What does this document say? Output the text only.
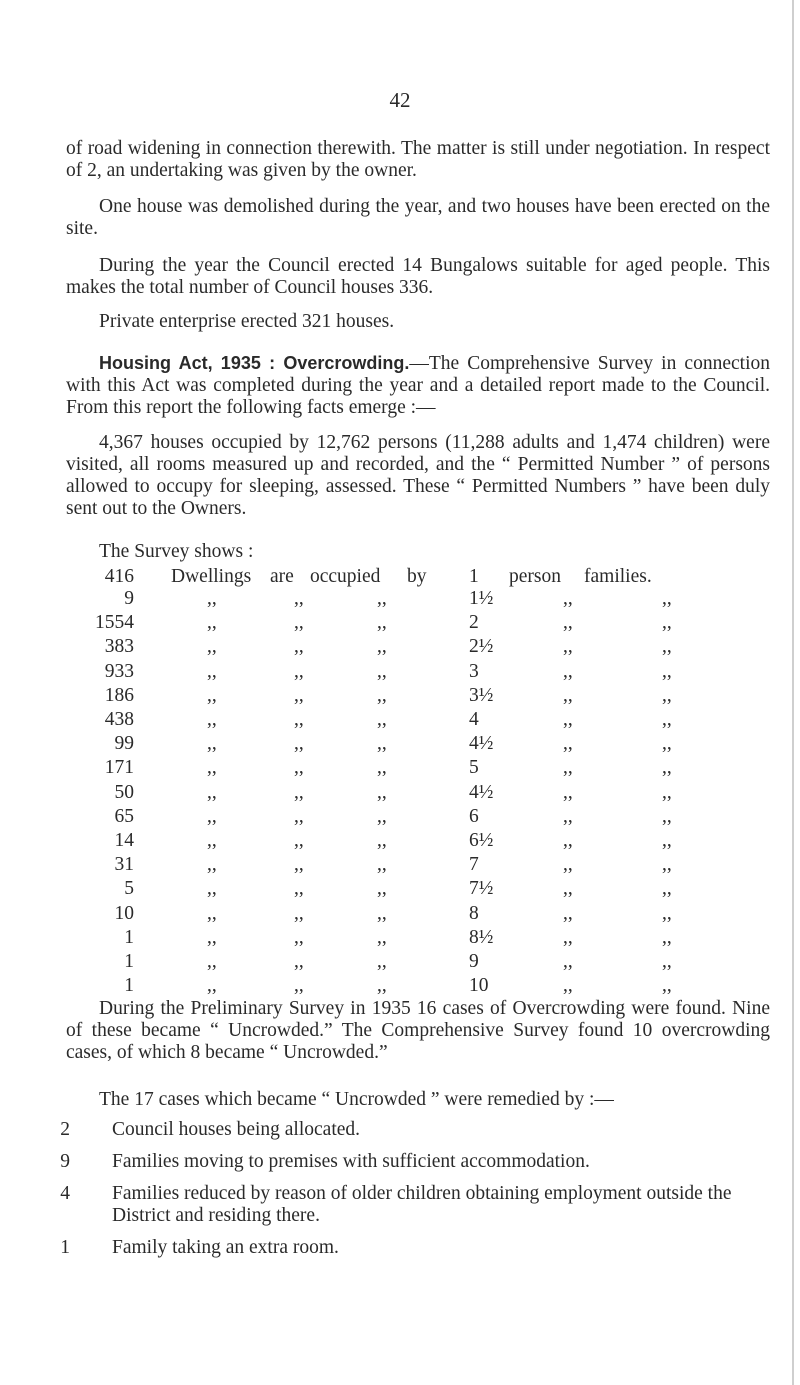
42

of road widening in connection therewith. The matter is still under negotiation. In respect of 2, an undertaking was given by the owner.

One house was demolished during the year, and two houses have been erected on the site.

During the year the Council erected 14 Bungalows suitable for aged people. This makes the total number of Council houses 336.

Private enterprise erected 321 houses.

Housing Act, 1935 : Overcrowding.—The Comprehensive Survey in connection with this Act was completed during the year and a detailed report made to the Council. From this report the following facts emerge :—

4,367 houses occupied by 12,762 persons (11,288 adults and 1,474 children) were visited, all rooms measured up and recorded, and the “ Permitted Number ” of persons allowed to occupy for sleeping, assessed. These “ Permitted Numbers ” have been duly sent out to the Owners.

The Survey shows :
416 Dwellings are occupied by 1 person families.
9	,,	,,	,,	1½	,,	,,
1554	,,	,,	,,	2	,,	,,
383	,,	,,	,,	2½	,,	,,
933	,,	,,	,,	3	,,	,,
186	,,	,,	,,	3½	,,	,,
438	,,	,,	,,	4	,,	,,
99	,,	,,	,,	4½	,,	,,
171	,,	,,	,,	5	,,	,,
50	,,	,,	,,	4½	,,	,,
65	,,	,,	,,	6	,,	,,
14	,,	,,	,,	6½	,,	,,
31	,,	,,	,,	7	,,	,,
5	,,	,,	,,	7½	,,	,,
10	,,	,,	,,	8	,,	,,
1	,,	,,	,,	8½	,,	,,
1	,,	,,	,,	9	,,	,,
1	,,	,,	,,	10	,,	,,

During the Preliminary Survey in 1935 16 cases of Overcrowding were found. Nine of these became “ Uncrowded.” The Comprehensive Survey found 10 overcrowding cases, of which 8 became “ Uncrowded.”

The 17 cases which became “ Uncrowded ” were remedied by :—

2 Council houses being allocated.
9 Families moving to premises with sufficient accommodation.
4 Families reduced by reason of older children obtaining employment outside the District and residing there.
1 Family taking an extra room.
